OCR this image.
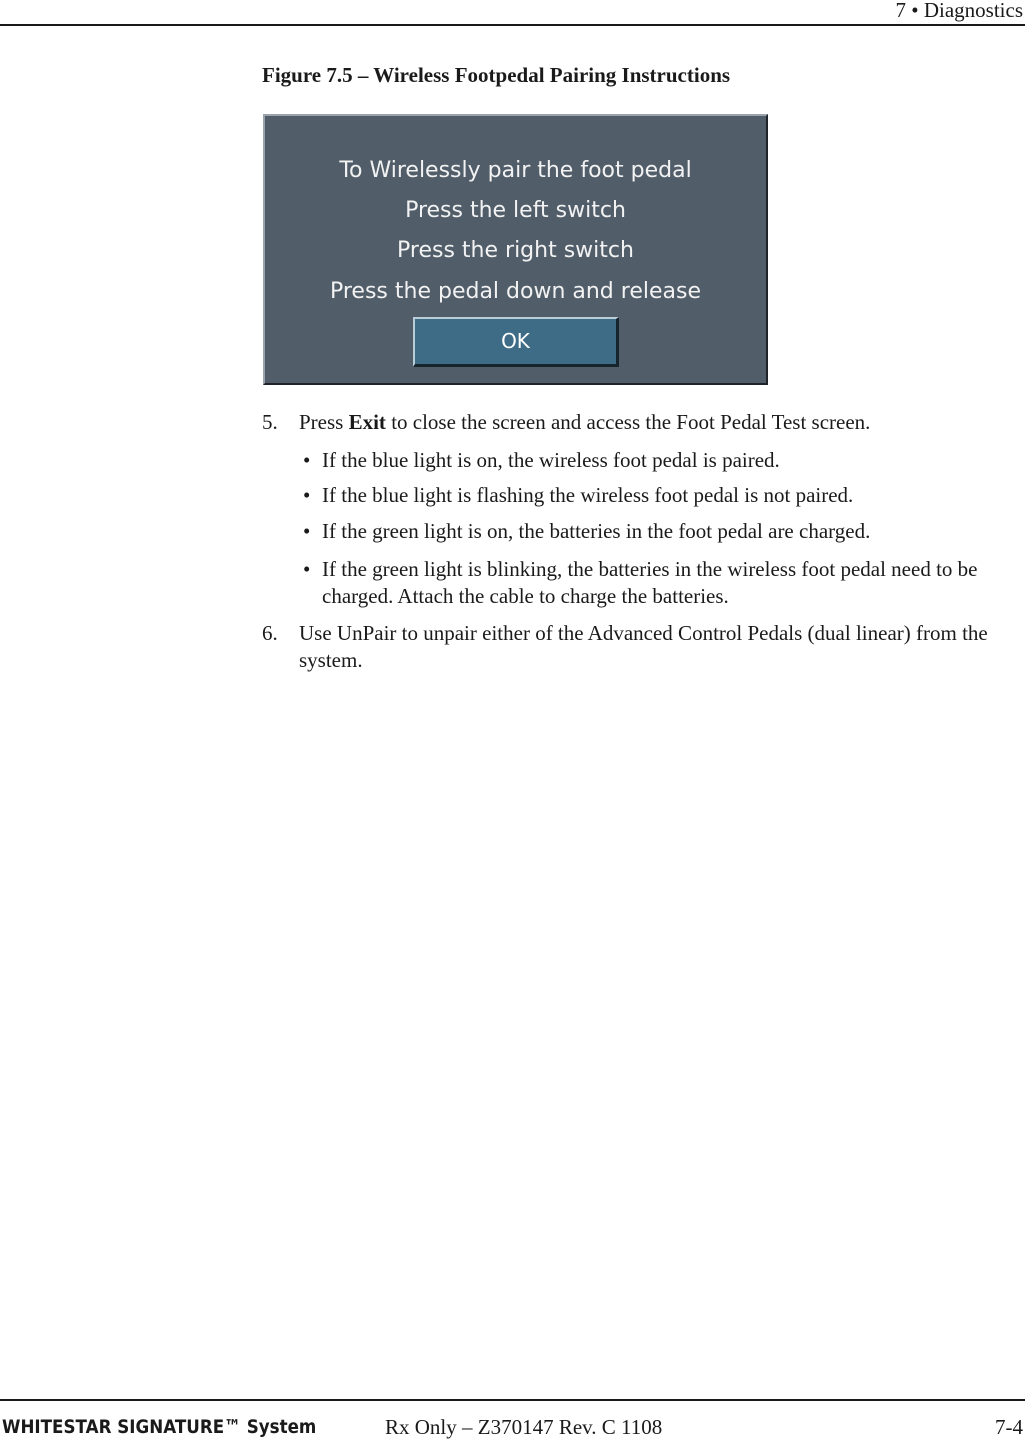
7 • Diagnostics
Figure 7.5 – Wireless Footpedal Pairing Instructions
To Wirelessly pair the foot pedal
Press the left switch
Press the right switch
Press the pedal down and release
OK
5. Press Exit to close the screen and access the Foot Pedal Test screen.
• If the blue light is on, the wireless foot pedal is paired.
• If the blue light is flashing the wireless foot pedal is not paired.
• If the green light is on, the batteries in the foot pedal are charged.
• If the green light is blinking, the batteries in the wireless foot pedal need to be charged. Attach the cable to charge the batteries.
6.	Use UnPair to unpair either of the Advanced Control Pedals (dual linear) from the system.
WHITESTAR SIGNATURE™ System	Rx Only – Z370147 Rev. C 1108	7-4
